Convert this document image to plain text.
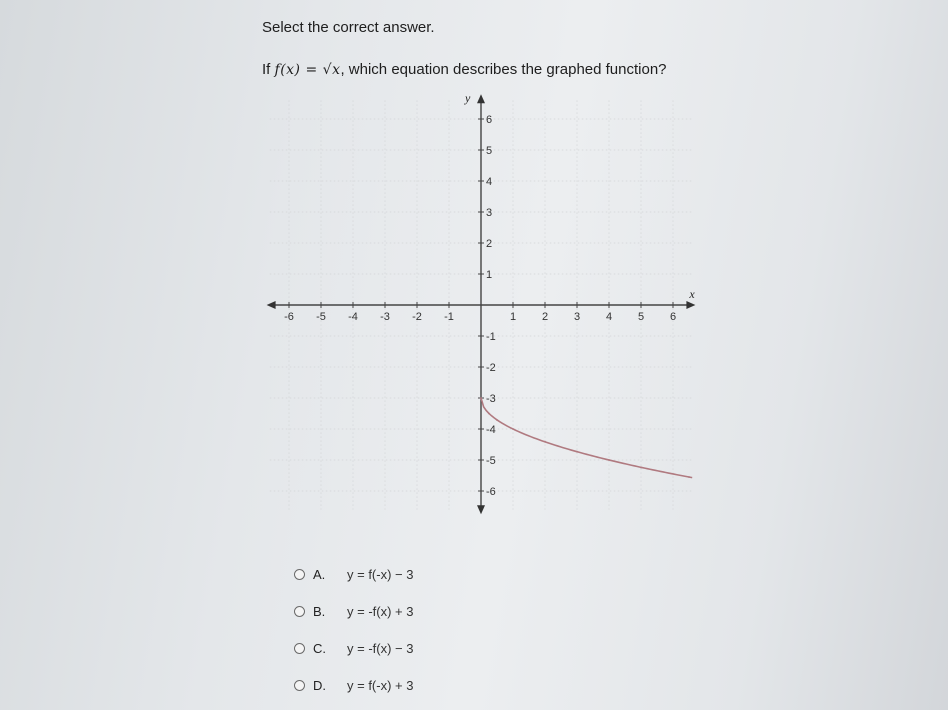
Select the correct answer.
If f(x) = √x, which equation describes the graphed function?
x
y
-6 -5 -4 -3 -2 -1	1 2 3 4 5 6
6
5
4
3
2
1
-1
-2
-3
-4
-5
-6
A.	y = f(-x) − 3
B.	y = -f(x) + 3
C.	y = -f(x) − 3
D.	y = f(-x) + 3
